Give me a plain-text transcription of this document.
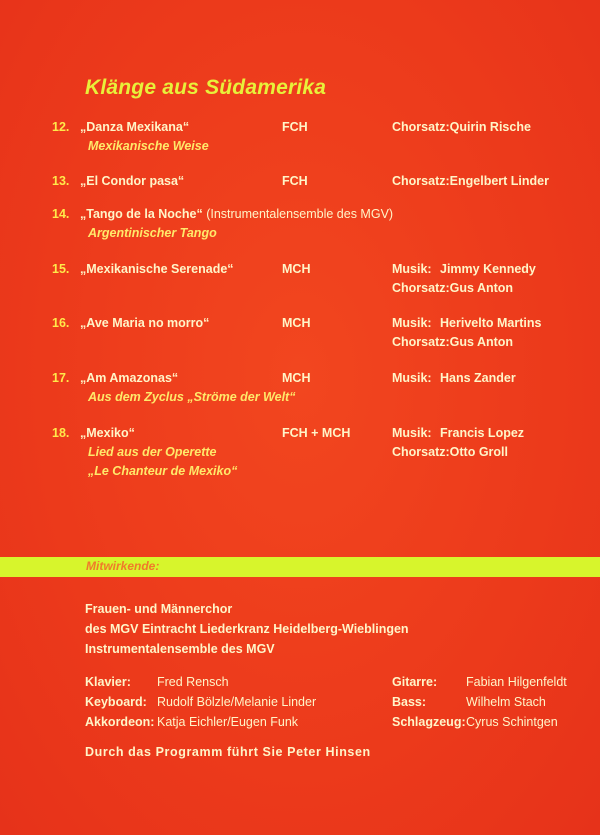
Klänge aus Südamerika
12. „Danza Mexikana“	FCH	Chorsatz:Quirin Rische
Mexikanische Weise
13. „El Condor pasa“	FCH	Chorsatz:Engelbert Linder
14. „Tango de la Noche“ (Instrumentalensemble des MGV)
Argentinischer Tango
15. „Mexikanische Serenade“	MCH	Musik: Jimmy Kennedy
Chorsatz:Gus Anton
16. „Ave Maria no morro“	MCH	Musik: Herivelto Martins
Chorsatz:Gus Anton
17. „Am Amazonas“	MCH	Musik: Hans Zander
Aus dem Zyclus „Ströme der Welt“
18. „Mexiko“	FCH + MCH	Musik: Francis Lopez
Lied aus der Operette	Chorsatz:Otto Groll
„Le Chanteur de Mexiko“
Mitwirkende:
Frauen- und Männerchor
des MGV Eintracht Liederkranz Heidelberg-Wieblingen
Instrumentalensemble des MGV
Klavier: Fred Rensch
Keyboard: Rudolf Bölzle/Melanie Linder
Akkordeon: Katja Eichler/Eugen Funk
Gitarre: Fabian Hilgenfeldt
Bass:	Wilhelm Stach
Schlagzeug: Cyrus Schintgen
Durch das Programm führt Sie Peter Hinsen
